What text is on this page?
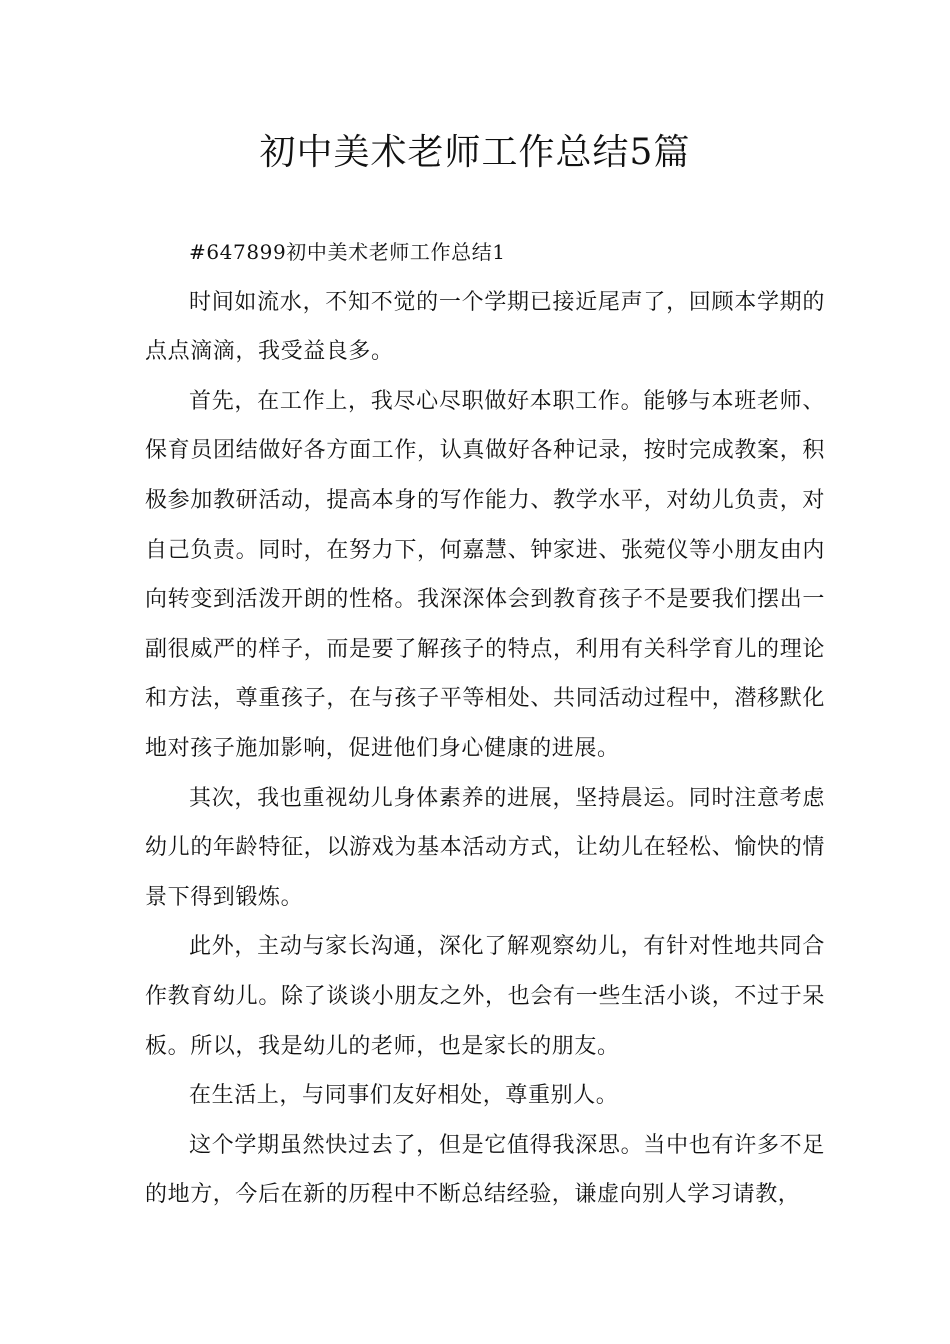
初中美术老师工作总结5篇

#647899初中美术老师工作总结1

时间如流水，不知不觉的一个学期已接近尾声了，回顾本学期的点点滴滴，我受益良多。

首先，在工作上，我尽心尽职做好本职工作。能够与本班老师、保育员团结做好各方面工作，认真做好各种记录，按时完成教案，积极参加教研活动，提高本身的写作能力、教学水平，对幼儿负责，对自己负责。同时，在努力下，何嘉慧、钟家进、张菀仪等小朋友由内向转变到活泼开朗的性格。我深深体会到教育孩子不是要我们摆出一副很威严的样子，而是要了解孩子的特点，利用有关科学育儿的理论和方法，尊重孩子，在与孩子平等相处、共同活动过程中，潜移默化地对孩子施加影响，促进他们身心健康的进展。

其次，我也重视幼儿身体素养的进展，坚持晨运。同时注意考虑幼儿的年龄特征，以游戏为基本活动方式，让幼儿在轻松、愉快的情景下得到锻炼。

此外，主动与家长沟通，深化了解观察幼儿，有针对性地共同合作教育幼儿。除了谈谈小朋友之外，也会有一些生活小谈，不过于呆板。所以，我是幼儿的老师，也是家长的朋友。

在生活上，与同事们友好相处，尊重别人。

这个学期虽然快过去了，但是它值得我深思。当中也有许多不足的地方，今后在新的历程中不断总结经验，谦虚向别人学习请教，
